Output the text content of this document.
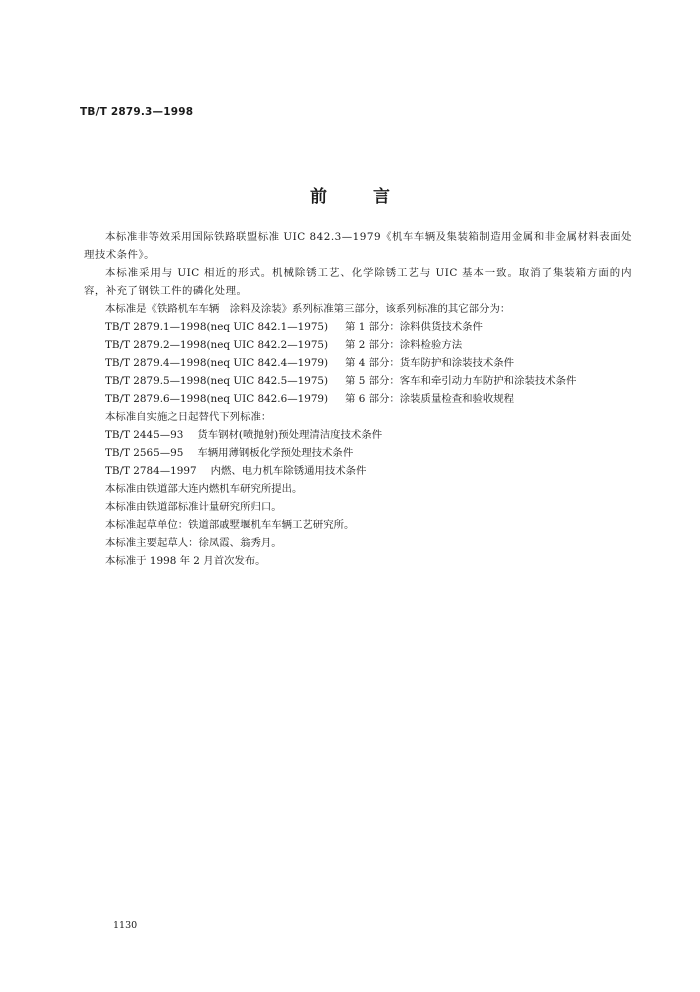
TB/T 2879.3—1998
前言

本标准非等效采用国际铁路联盟标准 UIC 842.3—1979《机车车辆及集装箱制造用金属和非金属材料表面处理技术条件》。

本标准采用与 UIC 相近的形式。机械除锈工艺、化学除锈工艺与 UIC 基本一致。取消了集装箱方面的内容，补充了钢铁工件的磷化处理。

本标准是《铁路机车车辆　涂料及涂装》系列标准第三部分，该系列标准的其它部分为：

TB/T 2879.1—1998(neq UIC 842.1—1975) 第 1 部分：涂料供货技术条件

TB/T 2879.2—1998(neq UIC 842.2—1975) 第 2 部分：涂料检验方法

TB/T 2879.4—1998(neq UIC 842.4—1979) 第 4 部分：货车防护和涂装技术条件

TB/T 2879.5—1998(neq UIC 842.5—1975) 第 5 部分：客车和牵引动力车防护和涂装技术条件

TB/T 2879.6—1998(neq UIC 842.6—1979) 第 6 部分：涂装质量检查和验收规程

本标准自实施之日起替代下列标准：

TB/T 2445—93 货车钢材(喷抛射)预处理清洁度技术条件

TB/T 2565—95 车辆用薄钢板化学预处理技术条件

TB/T 2784—1997 内燃、电力机车除锈通用技术条件

本标准由铁道部大连内燃机车研究所提出。

本标准由铁道部标准计量研究所归口。

本标准起草单位：铁道部戚墅堰机车车辆工艺研究所。

本标准主要起草人：徐凤霞、翁秀月。

本标准于 1998 年 2 月首次发布。

1130
